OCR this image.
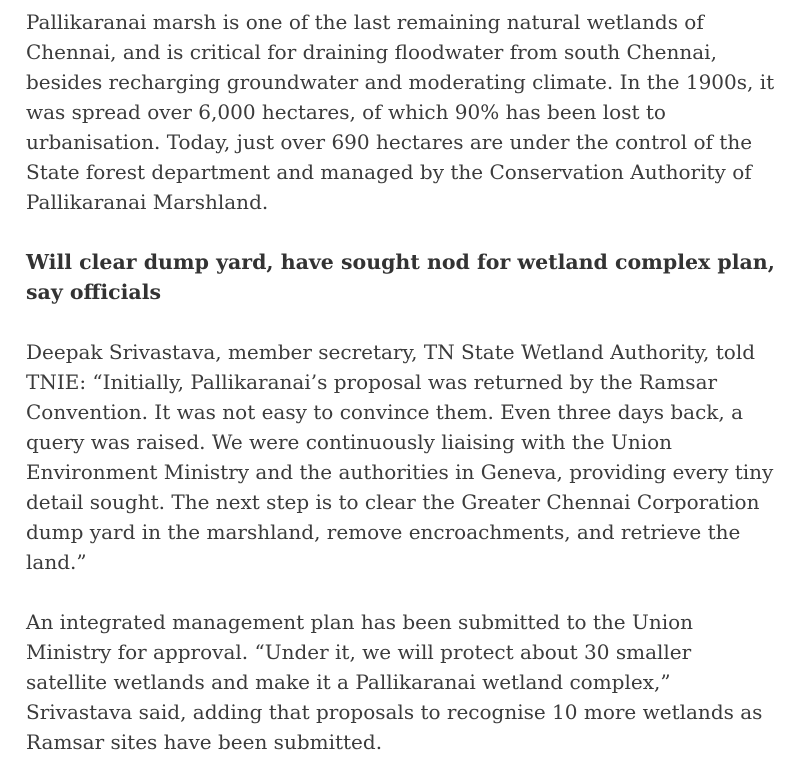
Pallikaranai marsh is one of the last remaining natural wetlands of Chennai, and is critical for draining floodwater from south Chennai, besides recharging groundwater and moderating climate. In the 1900s, it was spread over 6,000 hectares, of which 90% has been lost to urbanisation. Today, just over 690 hectares are under the control of the State forest department and managed by the Conservation Authority of Pallikaranai Marshland.

Will clear dump yard, have sought nod for wetland complex plan, say officials

Deepak Srivastava, member secretary, TN State Wetland Authority, told TNIE: “Initially, Pallikaranai’s proposal was returned by the Ramsar Convention. It was not easy to convince them. Even three days back, a query was raised. We were continuously liaising with the Union Environment Ministry and the authorities in Geneva, providing every tiny detail sought. The next step is to clear the Greater Chennai Corporation dump yard in the marshland, remove encroachments, and retrieve the land.”

An integrated management plan has been submitted to the Union Ministry for approval. “Under it, we will protect about 30 smaller satellite wetlands and make it a Pallikaranai wetland complex,” Srivastava said, adding that proposals to recognise 10 more wetlands as Ramsar sites have been submitted.
